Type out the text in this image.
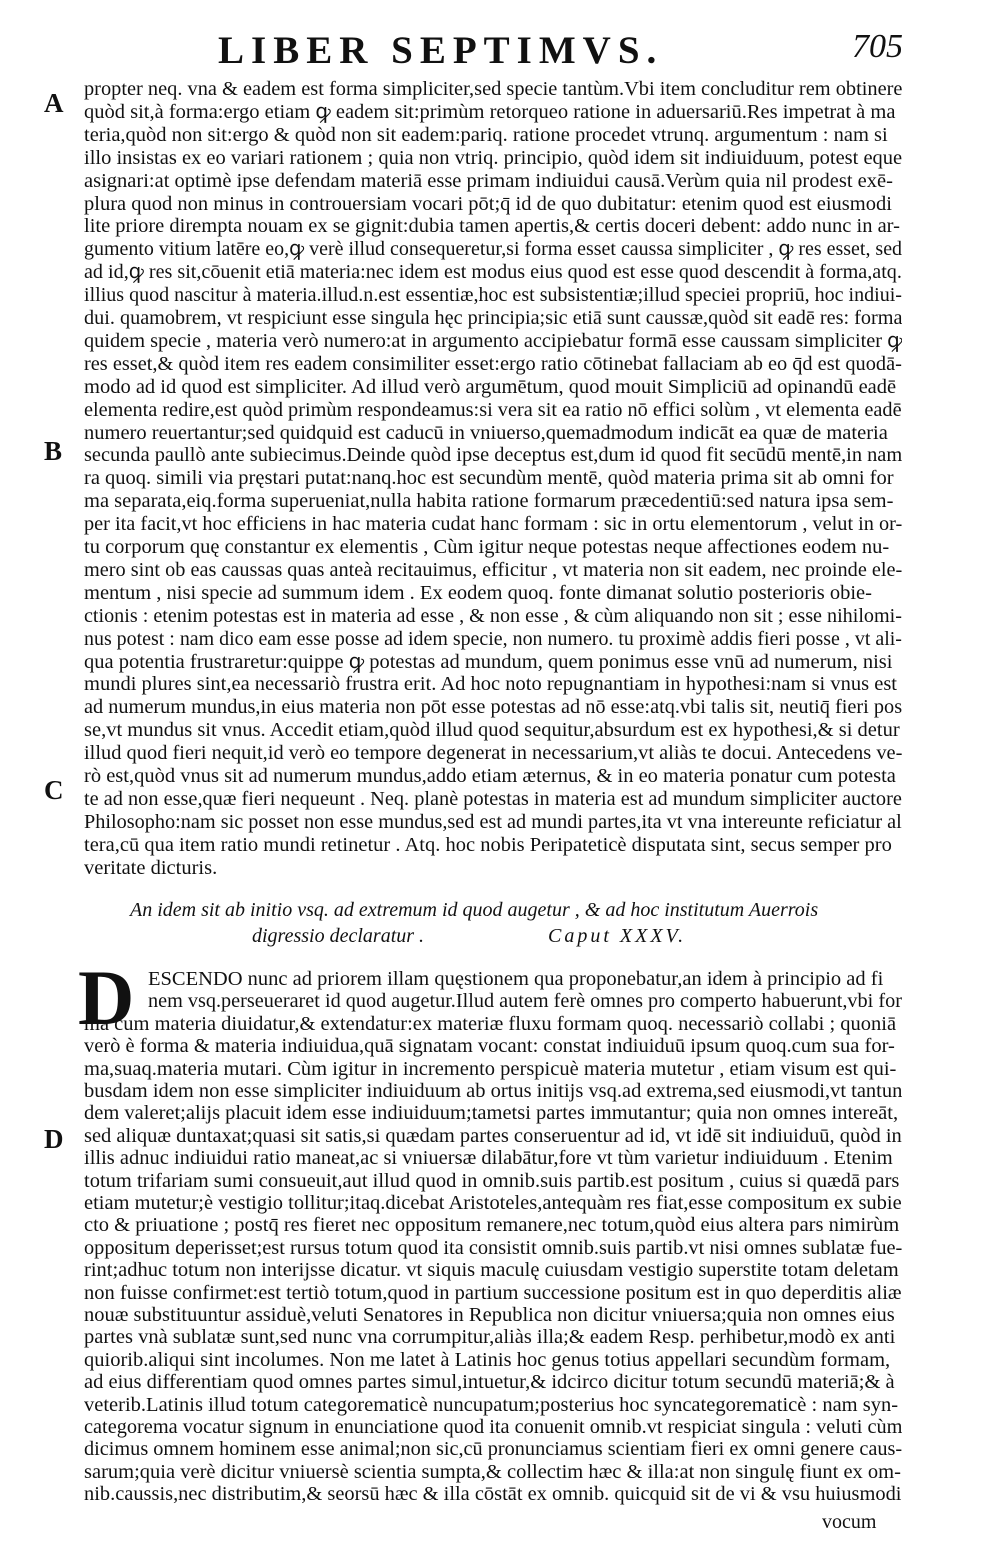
LIBER SEPTIMVS.	705
A
B
C
D
propter neq. vna & eadem est forma simpliciter,sed specie tantùm.Vbi item concluditur rem obtinere
quòd sit,à forma:ergo etiam ꝙ eadem sit:primùm retorqueo ratione in aduersariū.Res impetrat à ma
teria,quòd non sit:ergo & quòd non sit eadem:pariq. ratione procedet vtrunq. argumentum : nam si
illo insistas ex eo variari rationem ; quia non vtriq. principio, quòd idem sit indiuiduum, potest eque
asignari:at optimè ipse defendam materiā esse primam indiuidui causā.Verùm quia nil prodest exē-
plura quod non minus in controuersiam vocari pōt;q̄ id de quo dubitatur: etenim quod est eiusmodi
lite priore dirempta nouam ex se gignit:dubia tamen apertis,& certis doceri debent: addo nunc in ar-
gumento vitium latēre eo,ꝙ verè illud consequeretur,si forma esset caussa simpliciter , ꝙ res esset, sed
ad id,ꝙ res sit,cōuenit etiā materia:nec idem est modus eius quod est esse quod descendit à forma,atq.
illius quod nascitur à materia.illud.n.est essentiæ,hoc est subsistentiæ;illud speciei propriū, hoc indiui-
dui. quamobrem, vt respiciunt esse singula hęc principia;sic etiā sunt caussæ,quòd sit eadē res: forma
quidem specie , materia verò numero:at in argumento accipiebatur formā esse caussam simpliciter ꝙ
res esset,& quòd item res eadem consimiliter esset:ergo ratio cōtinebat fallaciam ab eo q̄d est quodā-
modo ad id quod est simpliciter. Ad illud verò argumētum, quod mouit Simpliciū ad opinandū eadē
elementa redire,est quòd primùm respondeamus:si vera sit ea ratio nō effici solùm , vt elementa eadē
numero reuertantur;sed quidquid est caducū in vniuerso,quemadmodum indicāt ea quæ de materia
secunda paullò ante subiecimus.Deinde quòd ipse deceptus est,dum id quod fit secūdū mentē,in nam
ra quoq. simili via pręstari putat:nanq.hoc est secundùm mentē, quòd materia prima sit ab omni for
ma separata,eiq.forma superueniat,nulla habita ratione formarum præcedentiū:sed natura ipsa sem-
per ita facit,vt hoc efficiens in hac materia cudat hanc formam : sic in ortu elementorum , velut in or-
tu corporum quę constantur ex elementis , Cùm igitur neque potestas neque affectiones eodem nu-
mero sint ob eas caussas quas anteà recitauimus, efficitur , vt materia non sit eadem, nec proinde ele-
mentum , nisi specie ad summum idem . Ex eodem quoq. fonte dimanat solutio posterioris obie-
ctionis : etenim potestas est in materia ad esse , & non esse , & cùm aliquando non sit ; esse nihilomi-
nus potest : nam dico eam esse posse ad idem specie, non numero. tu proximè addis fieri posse , vt ali-
qua potentia frustraretur:quippe ꝙ potestas ad mundum, quem ponimus esse vnū ad numerum, nisi
mundi plures sint,ea necessariò frustra erit. Ad hoc noto repugnantiam in hypothesi:nam si vnus est
ad numerum mundus,in eius materia non pōt esse potestas ad nō esse:atq.vbi talis sit, neutiq̄ fieri pos
se,vt mundus sit vnus. Accedit etiam,quòd illud quod sequitur,absurdum est ex hypothesi,& si detur
illud quod fieri nequit,id verò eo tempore degenerat in necessarium,vt aliàs te docui. Antecedens ve-
rò est,quòd vnus sit ad numerum mundus,addo etiam æternus, & in eo materia ponatur cum potesta
te ad non esse,quæ fieri nequeunt . Neq. planè potestas in materia est ad mundum simpliciter auctore
Philosopho:nam sic posset non esse mundus,sed est ad mundi partes,ita vt vna intereunte reficiatur al
tera,cū qua item ratio mundi retinetur . Atq. hoc nobis Peripateticè disputata sint, secus semper pro
veritate dicturis.
An idem sit ab initio vsq. ad extremum id quod augetur , & ad hoc institutum Auerrois
digressio declaratur .	Caput XXXV.
D ESCENDO nunc ad priorem illam quęstionem qua proponebatur,an idem à principio ad fi
nem vsq.perseueraret id quod augetur.Illud autem ferè omnes pro comperto habuerunt,vbi for
ma cum materia diuidatur,& extendatur:ex materiæ fluxu formam quoq. necessariò collabi ; quoniā
verò è forma & materia indiuidua,quā signatam vocant: constat indiuiduū ipsum quoq.cum sua for-
ma,suaq.materia mutari. Cùm igitur in incremento perspicuè materia mutetur , etiam visum est qui-
busdam idem non esse simpliciter indiuiduum ab ortus initijs vsq.ad extrema,sed eiusmodi,vt tantun
dem valeret;alijs placuit idem esse indiuiduum;tametsi partes immutantur; quia non omnes intereāt,
sed aliquæ duntaxat;quasi sit satis,si quædam partes conseruentur ad id, vt idē sit indiuiduū, quòd in
illis adnuc indiuidui ratio maneat,ac si vniuersæ dilabātur,fore vt tùm varietur indiuiduum . Etenim
totum trifariam sumi consueuit,aut illud quod in omnib.suis partib.est positum , cuius si quædā pars
etiam mutetur;è vestigio tollitur;itaq.dicebat Aristoteles,antequàm res fiat,esse compositum ex subie
cto & priuatione ; postq̄ res fieret nec oppositum remanere,nec totum,quòd eius altera pars nimirùm
oppositum deperisset;est rursus totum quod ita consistit omnib.suis partib.vt nisi omnes sublatæ fue-
rint;adhuc totum non interijsse dicatur. vt siquis maculę cuiusdam vestigio superstite totam deletam
non fuisse confirmet:est tertiò totum,quod in partium successione positum est in quo deperditis aliæ
nouæ substituuntur assiduè,veluti Senatores in Republica non dicitur vniuersa;quia non omnes eius
partes vnà sublatæ sunt,sed nunc vna corrumpitur,aliàs illa;& eadem Resp. perhibetur,modò ex anti
quiorib.aliqui sint incolumes. Non me latet à Latinis hoc genus totius appellari secundùm formam,
ad eius differentiam quod omnes partes simul,intuetur,& idcirco dicitur totum secundū materiā;& à
veterib.Latinis illud totum categorematicè nuncupatum;posterius hoc syncategorematicè : nam syn-
categorema vocatur signum in enunciatione quod ita conuenit omnib.vt respiciat singula : veluti cùm
dicimus omnem hominem esse animal;non sic,cū pronunciamus scientiam fieri ex omni genere caus-
sarum;quia verè dicitur vniuersè scientia sumpta,& collectim hæc & illa:at non singulę fiunt ex om-
nib.caussis,nec distributim,& seorsū hæc & illa cōstāt ex omnib. quicquid sit de vi & vsu huiusmodi
vocum
